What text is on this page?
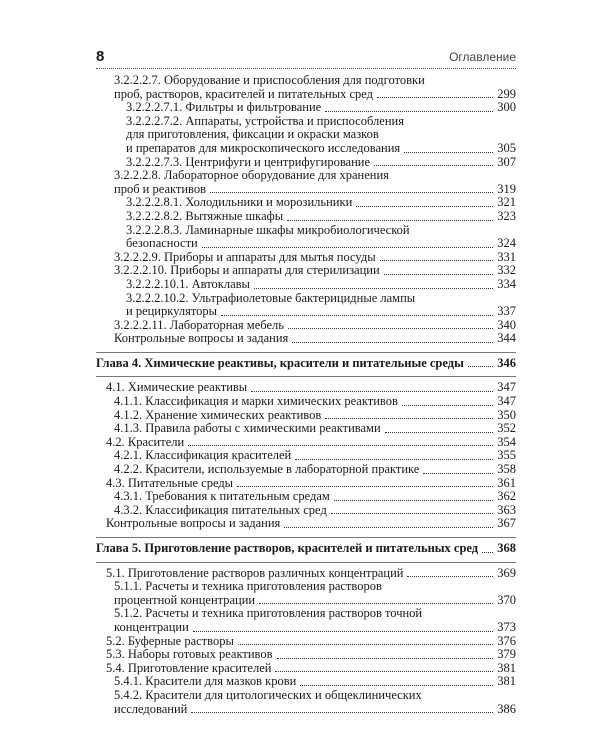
8	Оглавление
3.2.2.2.7. Оборудование и приспособления для подготовки
проб, растворов, красителей и питательных сред	299
3.2.2.2.7.1. Фильтры и фильтрование	300
3.2.2.2.7.2. Аппараты, устройства и приспособления
для приготовления, фиксации и окраски мазков
и препаратов для микроскопического исследования	305
3.2.2.2.7.3. Центрифуги и центрифугирование	307
3.2.2.2.8. Лабораторное оборудование для хранения
проб и реактивов	319
3.2.2.2.8.1. Холодильники и морозильники	321
3.2.2.2.8.2. Вытяжные шкафы	323
3.2.2.2.8.3. Ламинарные шкафы микробиологической
безопасности	324
3.2.2.2.9. Приборы и аппараты для мытья посуды	331
3.2.2.2.10. Приборы и аппараты для стерилизации	332
3.2.2.2.10.1. Автоклавы	334
3.2.2.2.10.2. Ультрафиолетовые бактерицидные лампы
и рециркуляторы	337
3.2.2.2.11. Лабораторная мебель	340
Контрольные вопросы и задания	344
Глава 4. Химические реактивы, красители и питательные среды	346
4.1. Химические реактивы	347
4.1.1. Классификация и марки химических реактивов	347
4.1.2. Хранение химических реактивов	350
4.1.3. Правила работы с химическими реактивами	352
4.2. Красители	354
4.2.1. Классификация красителей	355
4.2.2. Красители, используемые в лабораторной практике	358
4.3. Питательные среды	361
4.3.1. Требования к питательным средам	362
4.3.2. Классификация питательных сред	363
Контрольные вопросы и задания	367
Глава 5. Приготовление растворов, красителей и питательных сред 368
5.1. Приготовление растворов различных концентраций	369
5.1.1. Расчеты и техника приготовления растворов
процентной концентрации	370
5.1.2. Расчеты и техника приготовления растворов точной
концентрации	373
5.2. Буферные растворы	376
5.3. Наборы готовых реактивов	379
5.4. Приготовление красителей	381
5.4.1. Красители для мазков крови	381
5.4.2. Красители для цитологических и общеклинических
исследований	386
